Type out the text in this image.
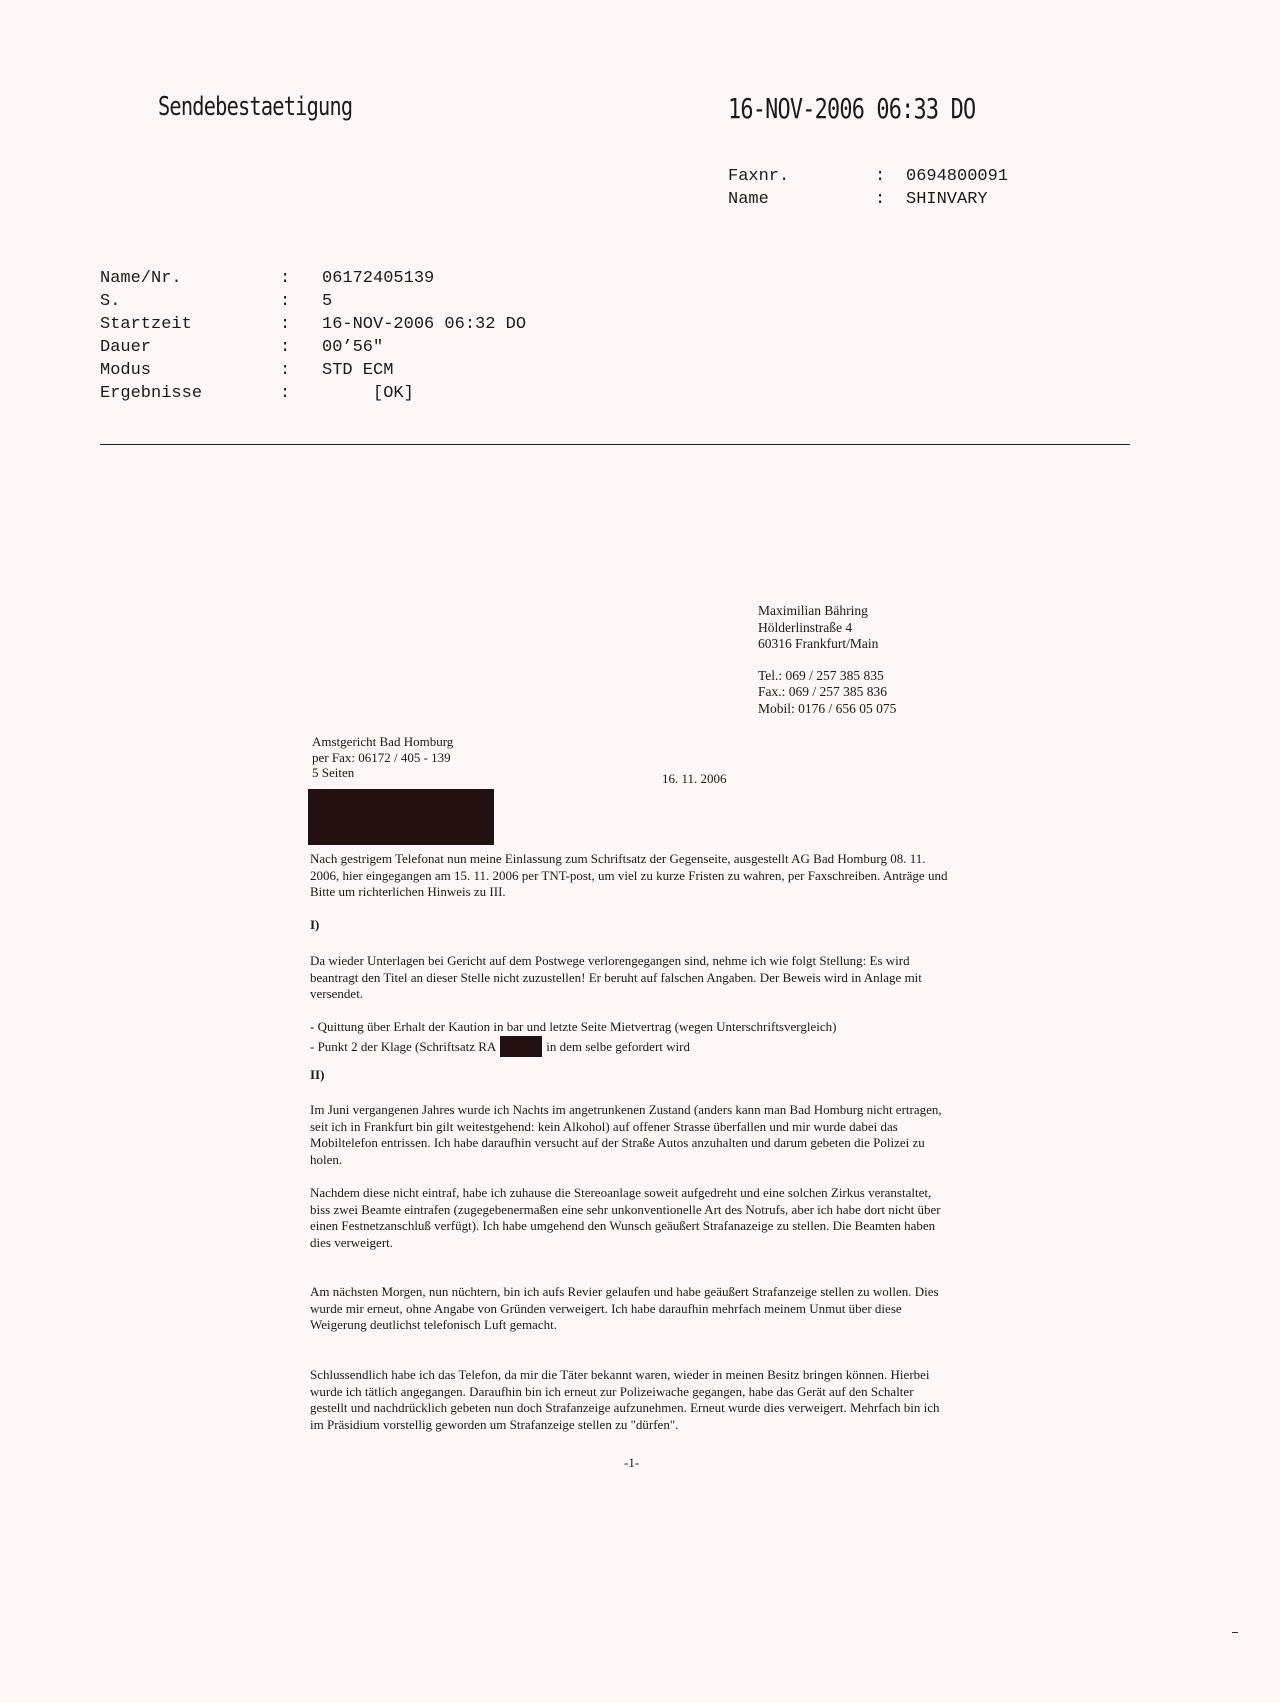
Sendebestaetigung	16-NOV-2006 06:33 DO
Faxnr.	: 0694800091
Name	: SHINVARY
Name/Nr.	: 06172405139
S.	: 5
Startzeit	: 16-NOV-2006 06:32 DO
Dauer	: 00’56"
Modus	: STD ECM
Ergebnisse	:	[OK]
Maximilian Bähring
Hölderlinstraße 4
60316 Frankfurt/Main
Tel.: 069 / 257 385 835
Fax.: 069 / 257 385 836
Mobil: 0176 / 656 05 075
Amstgericht Bad Homburg
per Fax: 06172 / 405 - 139
5 Seiten	16. 11. 2006

Nach gestrigem Telefonat nun meine Einlassung zum Schriftsatz der Gegenseite, ausgestellt AG Bad Homburg 08. 11. 2006, hier eingegangen am 15. 11. 2006 per TNT-post, um viel zu kurze Fristen zu wahren, per Faxschreiben. Anträge und Bitte um richterlichen Hinweis zu III.

I)

Da wieder Unterlagen bei Gericht auf dem Postwege verlorengegangen sind, nehme ich wie folgt Stellung: Es wird beantragt den Titel an dieser Stelle nicht zuzustellen! Er beruht auf falschen Angaben. Der Beweis wird in Anlage mit versendet.

- Quittung über Erhalt der Kaution in bar und letzte Seite Mietvertrag (wegen Unterschriftsvergleich)

- Punkt 2 der Klage (Schriftsatz RA	in dem selbe gefordert wird

II)

Im Juni vergangenen Jahres wurde ich Nachts im angetrunkenen Zustand (anders kann man Bad Homburg nicht ertragen, seit ich in Frankfurt bin gilt weitestgehend: kein Alkohol) auf offener Strasse überfallen und mir wurde dabei das Mobiltelefon entrissen. Ich habe daraufhin versucht auf der Straße Autos anzuhalten und darum gebeten die Polizei zu holen.

Nachdem diese nicht eintraf, habe ich zuhause die Stereoanlage soweit aufgedreht und eine solchen Zirkus veranstaltet, biss zwei Beamte eintrafen (zugegebenermaßen eine sehr unkonventionelle Art des Notrufs, aber ich habe dort nicht über einen Festnetzanschluß verfügt). Ich habe umgehend den Wunsch geäußert Strafanazeige zu stellen. Die Beamten haben dies verweigert.

Am nächsten Morgen, nun nüchtern, bin ich aufs Revier gelaufen und habe geäußert Strafanzeige stellen zu wollen. Dies wurde mir erneut, ohne Angabe von Gründen verweigert. Ich habe daraufhin mehrfach meinem Unmut über diese Weigerung deutlichst telefonisch Luft gemacht.

Schlussendlich habe ich das Telefon, da mir die Täter bekannt waren, wieder in meinen Besitz bringen können. Hierbei wurde ich tätlich angegangen. Daraufhin bin ich erneut zur Polizeiwache gegangen, habe das Gerät auf den Schalter gestellt und nachdrücklich gebeten nun doch Strafanzeige aufzunehmen. Erneut wurde dies verweigert. Mehrfach bin ich im Präsidium vorstellig geworden um Strafanzeige stellen zu "dürfen".

-1-
